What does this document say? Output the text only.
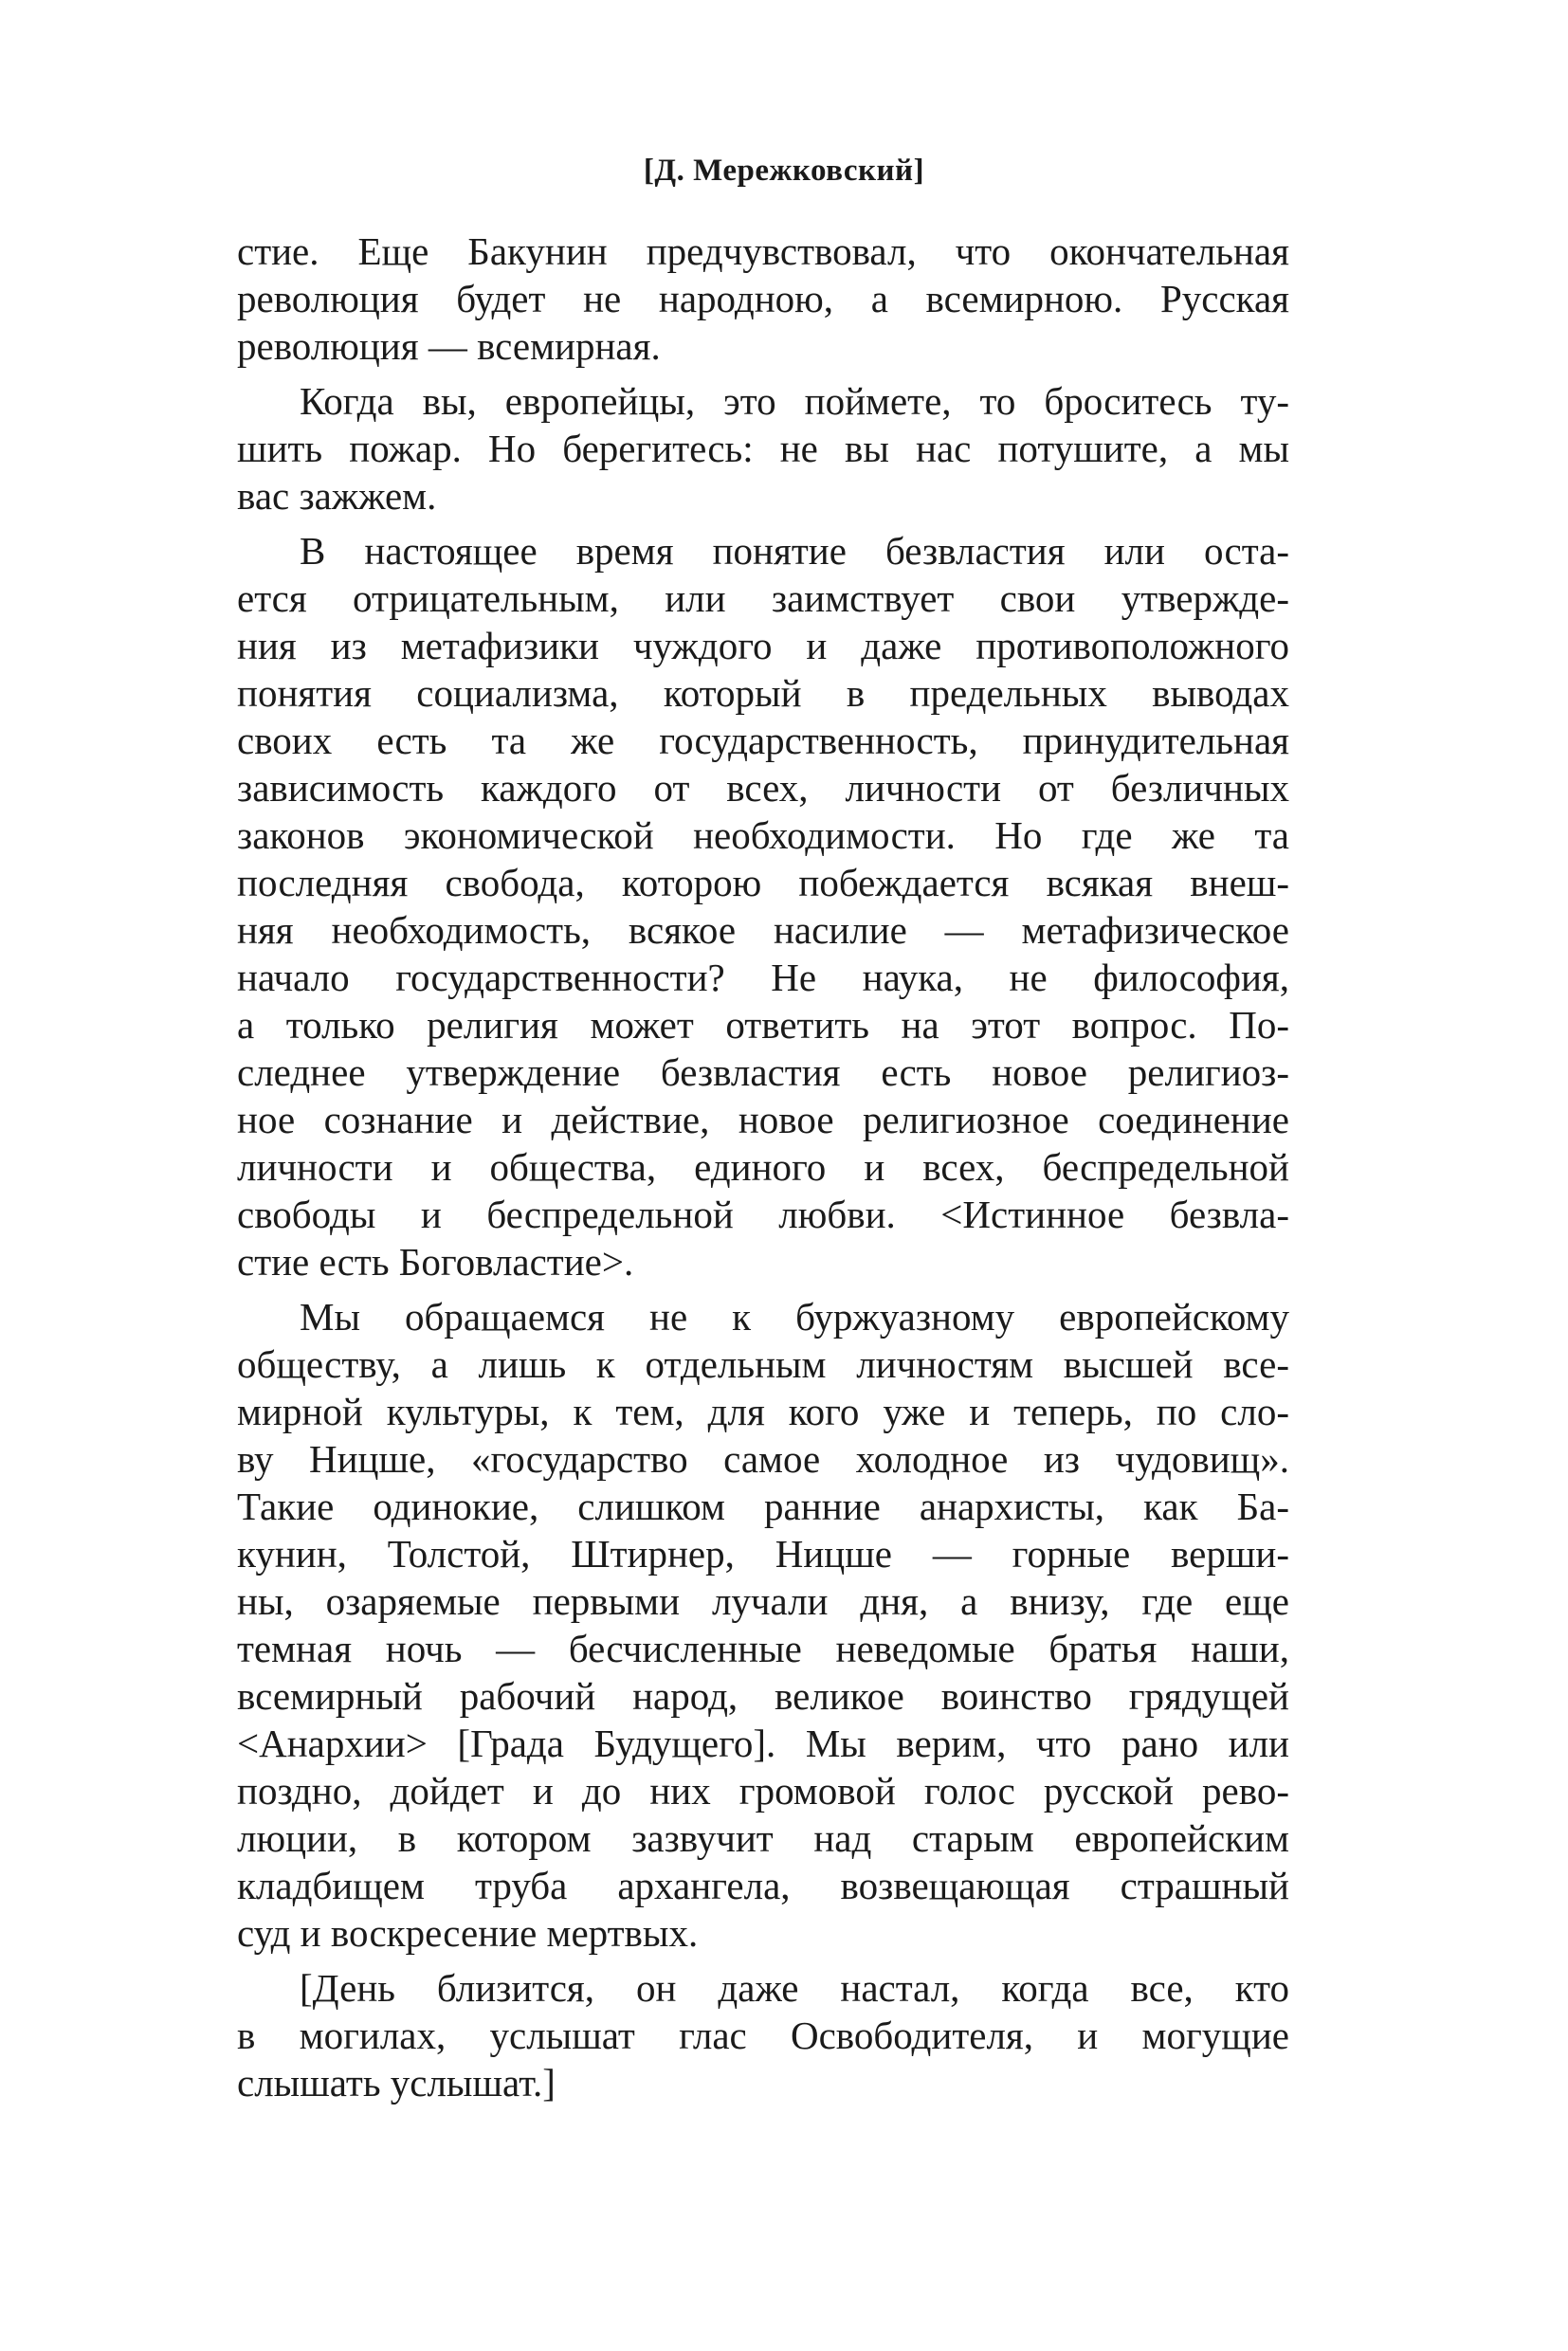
[Д. Мережковский]
стие. Еще Бакунин предчувствовал, что окончательная
революция будет не народною, а всемирною. Русская
революция — всемирная.
Когда вы, европейцы, это поймете, то броситесь ту-
шить пожар. Но берегитесь: не вы нас потушите, а мы
вас зажжем.
В настоящее время понятие безвластия или оста-
ется отрицательным, или заимствует свои утвержде-
ния из метафизики чуждого и даже противоположного
понятия социализма, который в предельных выводах
своих есть та же государственность, принудительная
зависимость каждого от всех, личности от безличных
законов экономической необходимости. Но где же та
последняя свобода, которою побеждается всякая внеш-
няя необходимость, всякое насилие — метафизическое
начало государственности? Не наука, не философия,
а только религия может ответить на этот вопрос. По-
следнее утверждение безвластия есть новое религиоз-
ное сознание и действие, новое религиозное соединение
личности и общества, единого и всех, беспредельной
свободы и беспредельной любви. <Истинное безвла-
стие есть Боговластие>.
Мы обращаемся не к буржуазному европейскому
обществу, а лишь к отдельным личностям высшей все-
мирной культуры, к тем, для кого уже и теперь, по сло-
ву Ницше, «государство самое холодное из чудовищ».
Такие одинокие, слишком ранние анархисты, как Ба-
кунин, Толстой, Штирнер, Ницше — горные верши-
ны, озаряемые первыми лучали дня, а внизу, где еще
темная ночь — бесчисленные неведомые братья наши,
всемирный рабочий народ, великое воинство грядущей
<Анархии> [Града Будущего]. Мы верим, что рано или
поздно, дойдет и до них громовой голос русской рево-
люции, в котором зазвучит над старым европейским
кладбищем труба архангела, возвещающая страшный
суд и воскресение мертвых.
[День близится, он даже настал, когда все, кто
в могилах, услышат глас Освободителя, и могущие
слышать услышат.]
